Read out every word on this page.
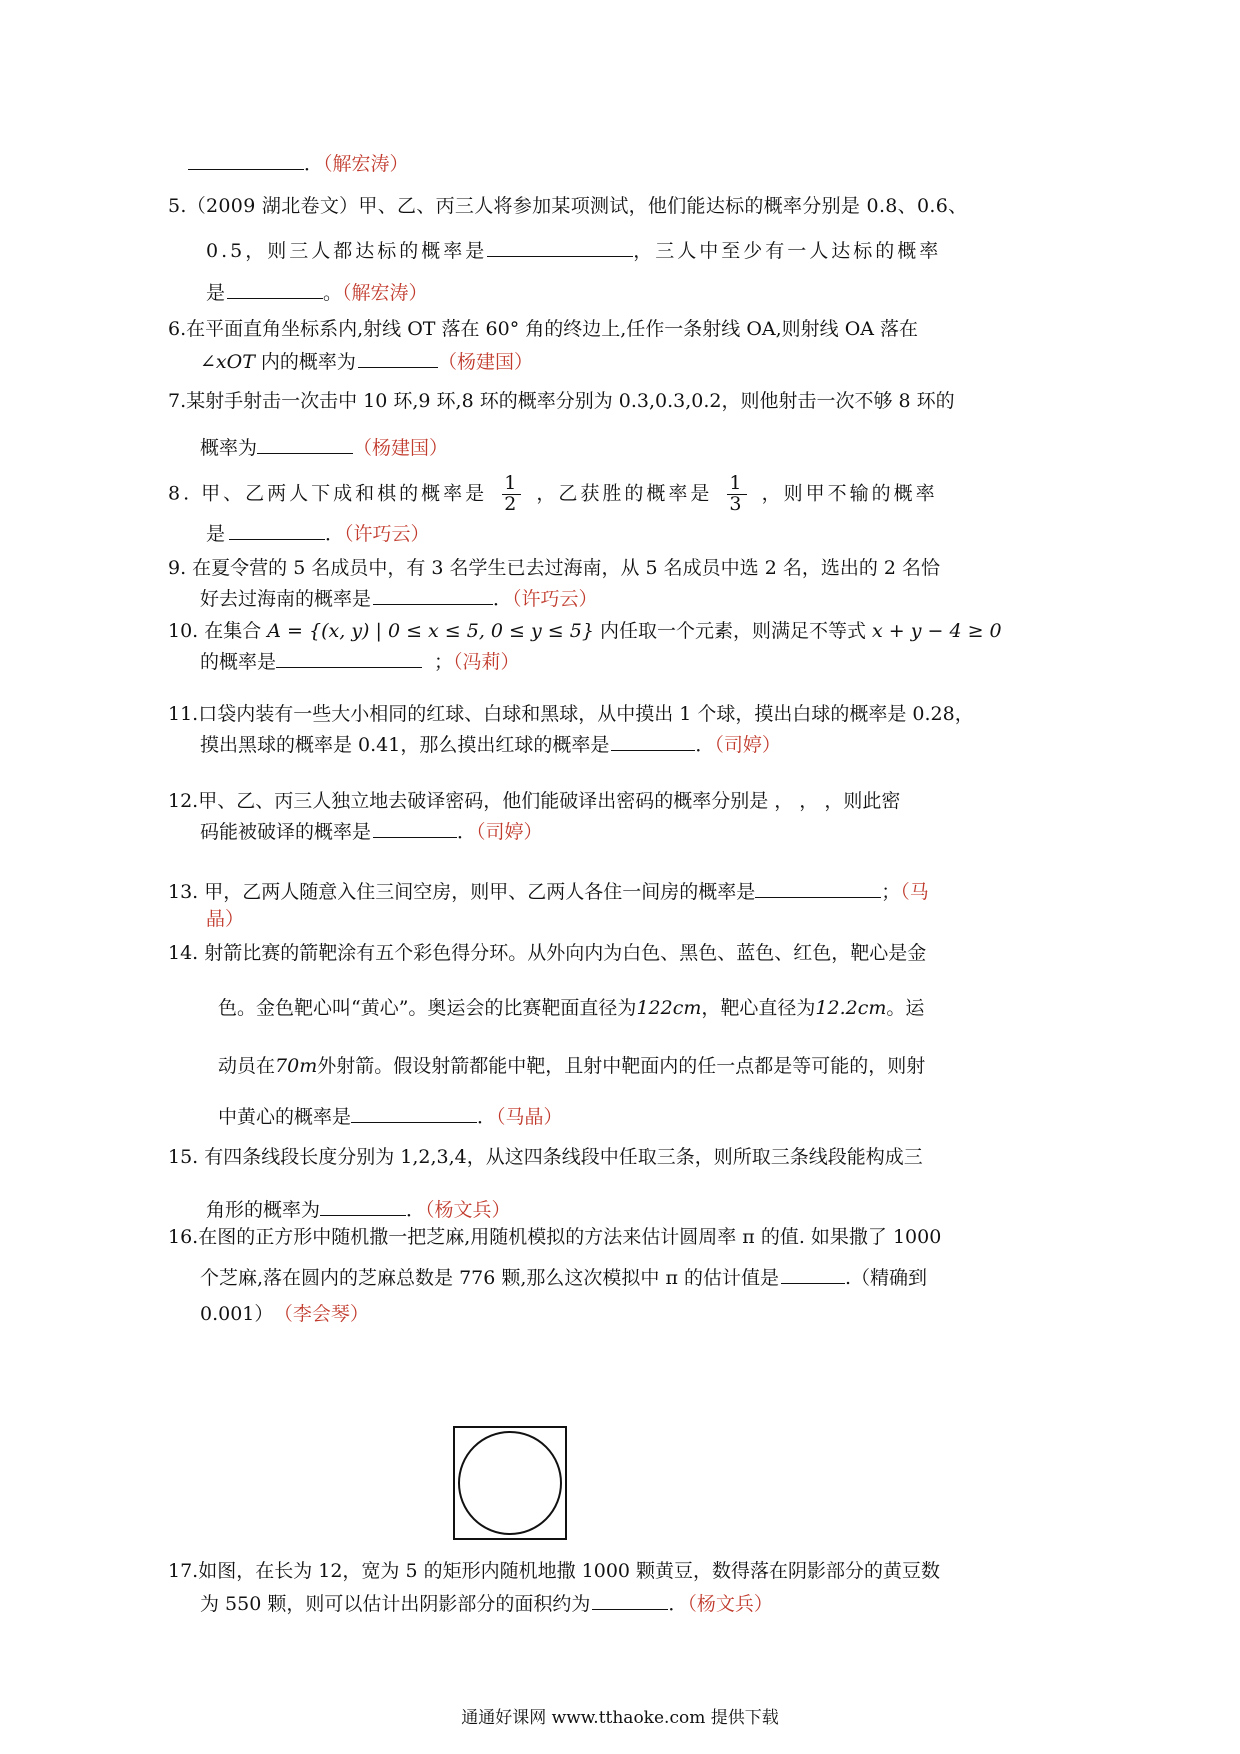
．（解宏涛）
5.（2009 湖北卷文）甲、乙、丙三人将参加某项测试，他们能达标的概率分别是 0.8、0.6、
0.5，则三人都达标的概率是	，三人中至少有一人达标的概率
是	。（解宏涛）
6.在平面直角坐标系内,射线 OT 落在 60° 角的终边上,任作一条射线 OA,则射线 OA 落在
∠xOT 内的概率为	（杨建国）
7.某射手射击一次击中 10 环,9 环,8 环的概率分别为 0.3,0.3,0.2，则他射击一次不够 8 环的
概率为	（杨建国）
8. 甲、乙两人下成和棋的概率是 $\frac{1}{2}$ ，乙获胜的概率是 $\frac{1}{3}$ ，则甲不输的概率
是	．（许巧云）
9. 在夏令营的 5 名成员中，有 3 名学生已去过海南，从 5 名成员中选 2 名，选出的 2 名恰
好去过海南的概率是	．（许巧云）
10. 在集合 A = {(x, y) | 0 ≤ x ≤ 5, 0 ≤ y ≤ 5} 内任取一个元素，则满足不等式 x + y − 4 ≥ 0
的概率是	；（冯莉）
11.口袋内装有一些大小相同的红球、白球和黑球，从中摸出 1 个球，摸出白球的概率是 0.28，
摸出黑球的概率是 0.41，那么摸出红球的概率是	．（司婷）
12.甲、乙、丙三人独立地去破译密码，他们能破译出密码的概率分别是 ， ， ，则此密
码能被破译的概率是	．（司婷）
13. 甲，乙两人随意入住三间空房，则甲、乙两人各住一间房的概率是	；（马
晶）
14. 射箭比赛的箭靶涂有五个彩色得分环。从外向内为白色、黑色、蓝色、红色，靶心是金
色。金色靶心叫“黄心”。奥运会的比赛靶面直径为122cm，靶心直径为12.2cm。运
动员在70m外射箭。假设射箭都能中靶，且射中靶面内的任一点都是等可能的，则射
中黄心的概率是	．（马晶）
15. 有四条线段长度分别为 1,2,3,4，从这四条线段中任取三条，则所取三条线段能构成三
角形的概率为	．（杨文兵）
16.在图的正方形中随机撒一把芝麻,用随机模拟的方法来估计圆周率 π 的值. 如果撒了 1000
个芝麻,落在圆内的芝麻总数是 776 颗,那么这次模拟中 π 的估计值是	.（精确到
0.001） （李会琴）
17.如图，在长为 12，宽为 5 的矩形内随机地撒 1000 颗黄豆，数得落在阴影部分的黄豆数
为 550 颗，则可以估计出阴影部分的面积约为	．（杨文兵）
通通好课网 www.tthaoke.com 提供下载
